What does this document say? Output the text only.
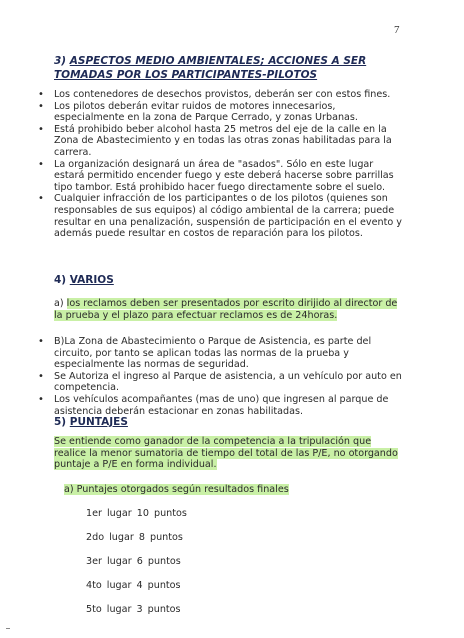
7
3) ASPECTOS MEDIO AMBIENTALES; ACCIONES A SER TOMADAS POR LOS PARTICIPANTES-PILOTOS
• Los contenedores de desechos provistos, deberán ser con estos fines.
• Los pilotos deberán evitar ruidos de motores innecesarios, especialmente en la zona de Parque Cerrado, y zonas Urbanas.
• Está prohibido beber alcohol hasta 25 metros del eje de la calle en la Zona de Abastecimiento y en todas las otras zonas habilitadas para la carrera.
• La organización designará un área de "asados". Sólo en este lugar estará permitido encender fuego y este deberá hacerse sobre parrillas tipo tambor. Está prohibido hacer fuego directamente sobre el suelo.
• Cualquier infracción de los participantes o de los pilotos (quienes son responsables de sus equipos) al código ambiental de la carrera; puede resultar en una penalización, suspensión de participación en el evento y además puede resultar en costos de reparación para los pilotos.
4) VARIOS
a) los reclamos deben ser presentados por escrito dirijido al director de la prueba y el plazo para efectuar reclamos es de 24horas.
• B)La Zona de Abastecimiento o Parque de Asistencia, es parte del circuito, por tanto se aplican todas las normas de la prueba y especialmente las normas de seguridad.
• Se Autoriza el ingreso al Parque de asistencia, a un vehículo por auto en competencia.
• Los vehículos acompañantes (mas de uno) que ingresen al parque de asistencia deberán estacionar en zonas habilitadas.
5) PUNTAJES
Se entiende como ganador de la competencia a la tripulación que realice la menor sumatoria de tiempo del total de las P/E, no otorgando puntaje a P/E en forma individual.
a) Puntajes otorgados según resultados finales
1er lugar 10 puntos
2do lugar 8 puntos
3er lugar 6 puntos
4to lugar 4 puntos
5to lugar 3 puntos
